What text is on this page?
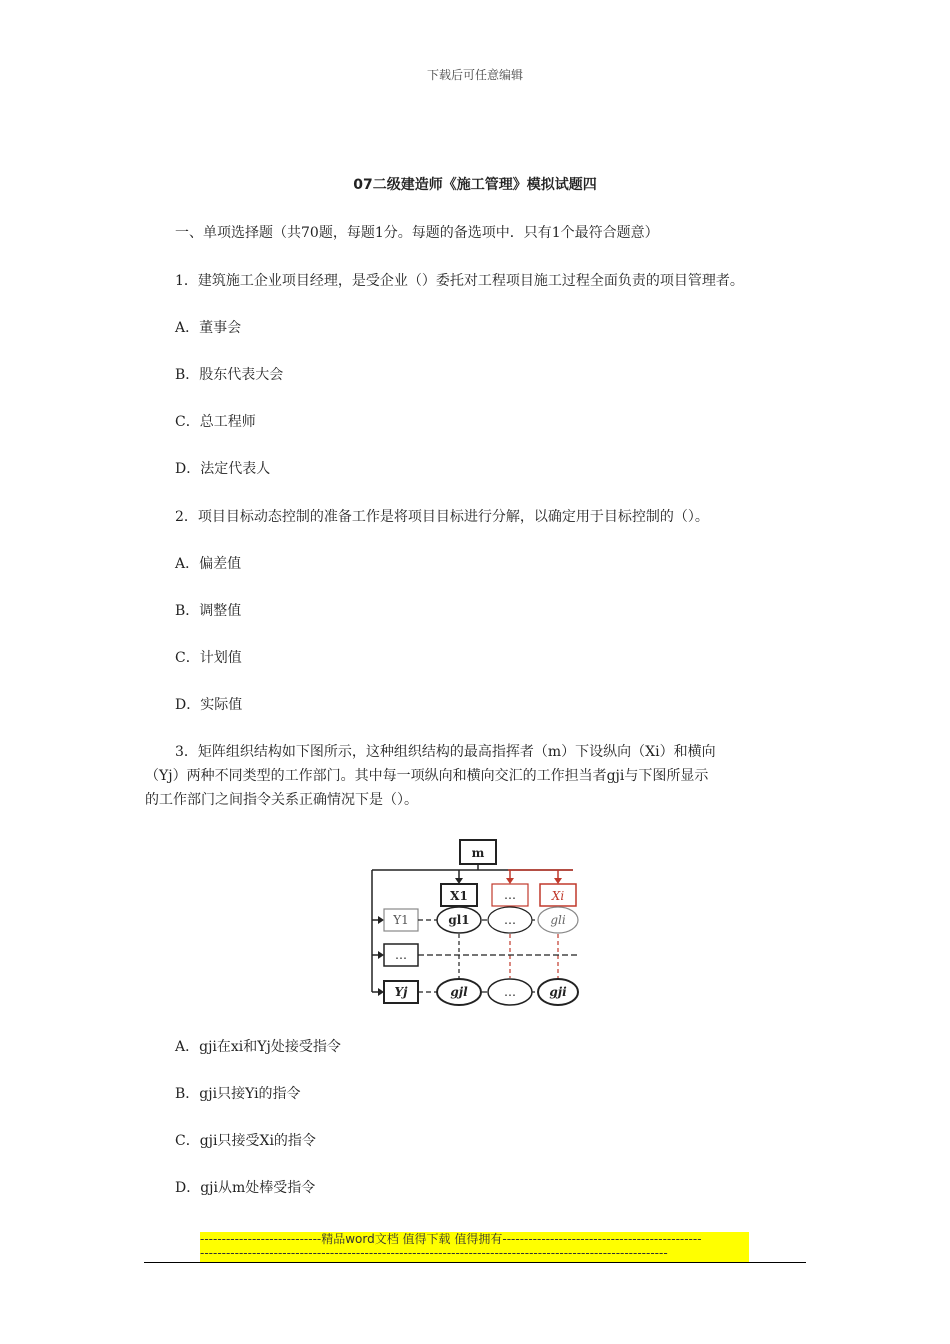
下载后可任意编辑
07二级建造师《施工管理》模拟试题四
一、单项选择题（共70题，每题1分。每题的备选项中．只有1个最符合题意）
1．建筑施工企业项目经理，是受企业（）委托对工程项目施工过程全面负责的项目管理者。
A．董事会
B．股东代表大会
C．总工程师
D．法定代表人
2．项目目标动态控制的准备工作是将项目目标进行分解，以确定用于目标控制的（）。
A．偏差值
B．调整值
C．计划值
D．实际值
3．矩阵组织结构如下图所示，这种组织结构的最高指挥者（m）下设纵向（Xi）和横向
（Yj）两种不同类型的工作部门。其中每一项纵向和横向交汇的工作担当者gji与下图所显示
的工作部门之间指令关系正确情况下是（）。
m
X1	…	Xi
Y1
…
Yj
gl1	…	gli
gjl	…	gji
A．gji在xi和Yj处接受指令
B．gji只接Yi的指令
C．gji只接受Xi的指令
D．gji从m处棒受指令
----------------------------精品word文档 值得下载 值得拥有----------------------------------------------
------------------------------------------------------------------------------------------------------------
